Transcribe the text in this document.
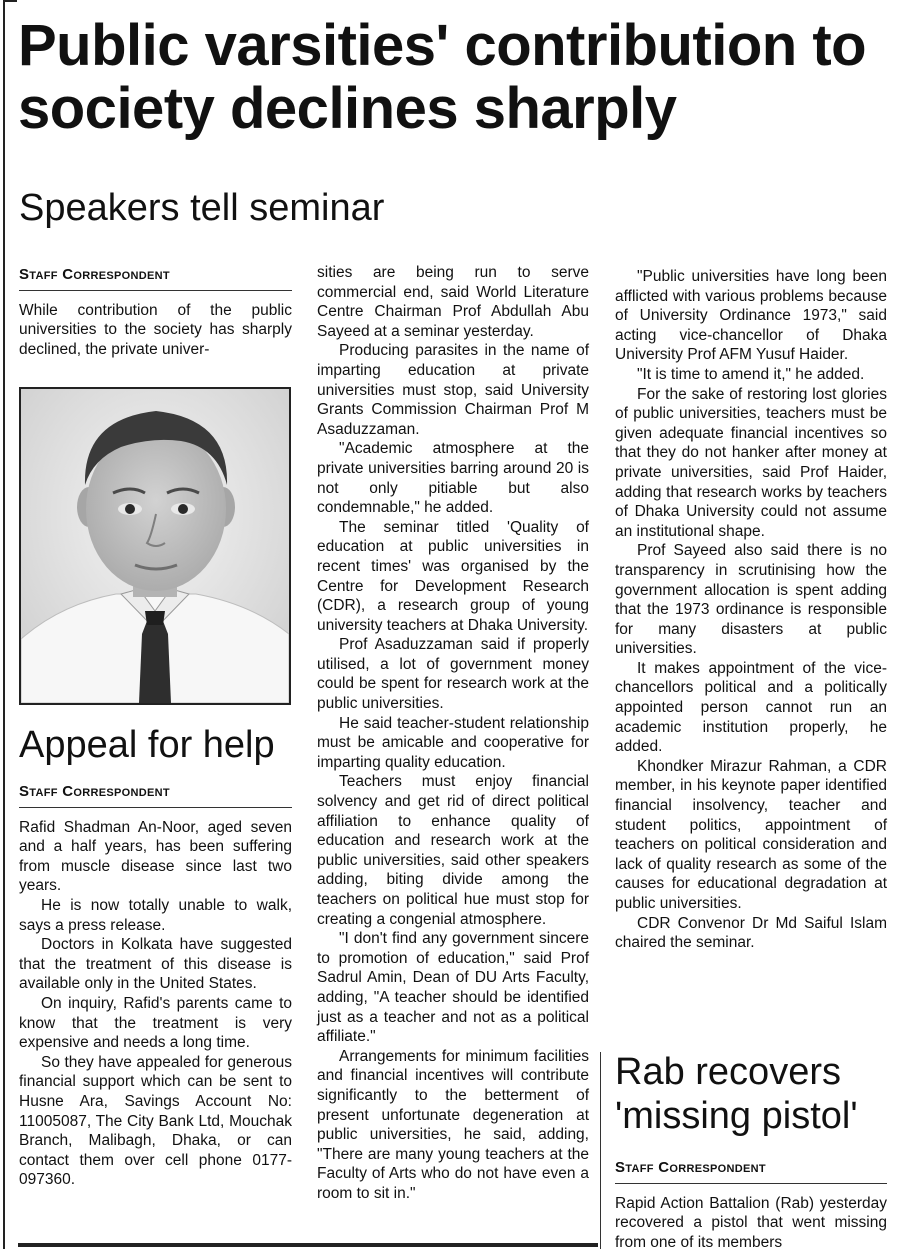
Public varsities' contribution to society declines sharply
Speakers tell seminar
Staff Correspondent

While contribution of the public universities to the society has sharply declined, the private univer-

Appeal for help
Staff Correspondent

Rafid Shadman An-Noor, aged seven and a half years, has been suffering from muscle disease since last two years.

He is now totally unable to walk, says a press release.

Doctors in Kolkata have suggested that the treatment of this disease is available only in the United States.

On inquiry, Rafid's parents came to know that the treatment is very expensive and needs a long time.

So they have appealed for generous financial support which can be sent to Husne Ara, Savings Account No: 11005087, The City Bank Ltd, Mouchak Branch, Malibagh, Dhaka, or can contact them over cell phone 0177-097360.

sities are being run to serve commercial end, said World Literature Centre Chairman Prof Abdullah Abu Sayeed at a seminar yesterday.

Producing parasites in the name of imparting education at private universities must stop, said University Grants Commission Chairman Prof M Asaduzzaman.

"Academic atmosphere at the private universities barring around 20 is not only pitiable but also condemnable," he added.

The seminar titled 'Quality of education at public universities in recent times' was organised by the Centre for Development Research (CDR), a research group of young university teachers at Dhaka University.

Prof Asaduzzaman said if properly utilised, a lot of government money could be spent for research work at the public universities.

He said teacher-student relationship must be amicable and cooperative for imparting quality education.

Teachers must enjoy financial solvency and get rid of direct political affiliation to enhance quality of education and research work at the public universities, said other speakers adding, biting divide among the teachers on political hue must stop for creating a congenial atmosphere.

"I don't find any government sincere to promotion of education," said Prof Sadrul Amin, Dean of DU Arts Faculty, adding, "A teacher should be identified just as a teacher and not as a political affiliate."

Arrangements for minimum facilities and financial incentives will contribute significantly to the betterment of present unfortunate degeneration at public universities, he said, adding, "There are many young teachers at the Faculty of Arts who do not have even a room to sit in."

"Public universities have long been afflicted with various problems because of University Ordinance 1973," said acting vice-chancellor of Dhaka University Prof AFM Yusuf Haider.

"It is time to amend it," he added.

For the sake of restoring lost glories of public universities, teachers must be given adequate financial incentives so that they do not hanker after money at private universities, said Prof Haider, adding that research works by teachers of Dhaka University could not assume an institutional shape.

Prof Sayeed also said there is no transparency in scrutinising how the government allocation is spent adding that the 1973 ordinance is responsible for many disasters at public universities.

It makes appointment of the vice-chancellors political and a politically appointed person cannot run an academic institution properly, he added.

Khondker Mirazur Rahman, a CDR member, in his keynote paper identified financial insolvency, teacher and student politics, appointment of teachers on political consideration and lack of quality research as some of the causes for educational degradation at public universities.

CDR Convenor Dr Md Saiful Islam chaired the seminar.

Rab recovers 'missing pistol'
Staff Correspondent

Rapid Action Battalion (Rab) yesterday recovered a pistol that went missing from one of its members
